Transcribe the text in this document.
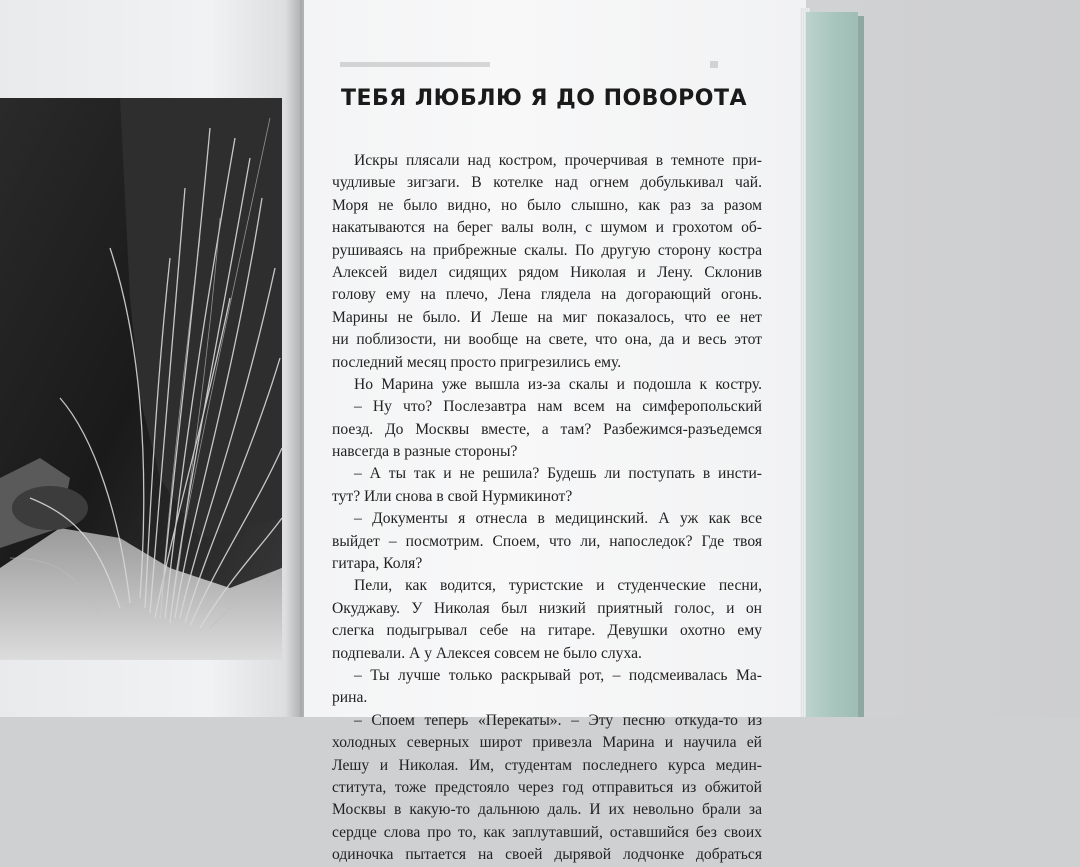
ТЕБЯ ЛЮБЛЮ Я ДО ПОВОРОТА
Искры плясали над костром, прочерчивая в темноте при-
чудливые зигзаги. В котелке над огнем добулькивал чай.
Моря не было видно, но было слышно, как раз за разом
накатываются на берег валы волн, с шумом и грохотом об-
рушиваясь на прибрежные скалы. По другую сторону костра
Алексей видел сидящих рядом Николая и Лену. Склонив
голову ему на плечо, Лена глядела на догорающий огонь.
Марины не было. И Леше на миг показалось, что ее нет
ни поблизости, ни вообще на свете, что она, да и весь этот
последний месяц просто пригрезились ему.
Но Марина уже вышла из-за скалы и подошла к костру.
– Ну что? Послезавтра нам всем на симферопольский
поезд. До Москвы вместе, а там? Разбежимся-разъедемся
навсегда в разные стороны?
– А ты так и не решила? Будешь ли поступать в инсти-
тут? Или снова в свой Нурмикинот?
– Документы я отнесла в медицинский. А уж как все
выйдет – посмотрим. Споем, что ли, напоследок? Где твоя
гитара, Коля?
Пели, как водится, туристские и студенческие песни,
Окуджаву. У Николая был низкий приятный голос, и он
слегка подыгрывал себе на гитаре. Девушки охотно ему
подпевали. А у Алексея совсем не было слуха.
– Ты лучше только раскрывай рот, – подсмеивалась Ма-
рина.
– Споем теперь «Перекаты». – Эту песню откуда-то из
холодных северных широт привезла Марина и научила ей
Лешу и Николая. Им, студентам последнего курса медин-
ститута, тоже предстояло через год отправиться из обжитой
Москвы в какую-то дальнюю даль. И их невольно брали за
сердце слова про то, как заплутавший, оставшийся без своих
одиночка пытается на своей дырявой лодчонке добраться
